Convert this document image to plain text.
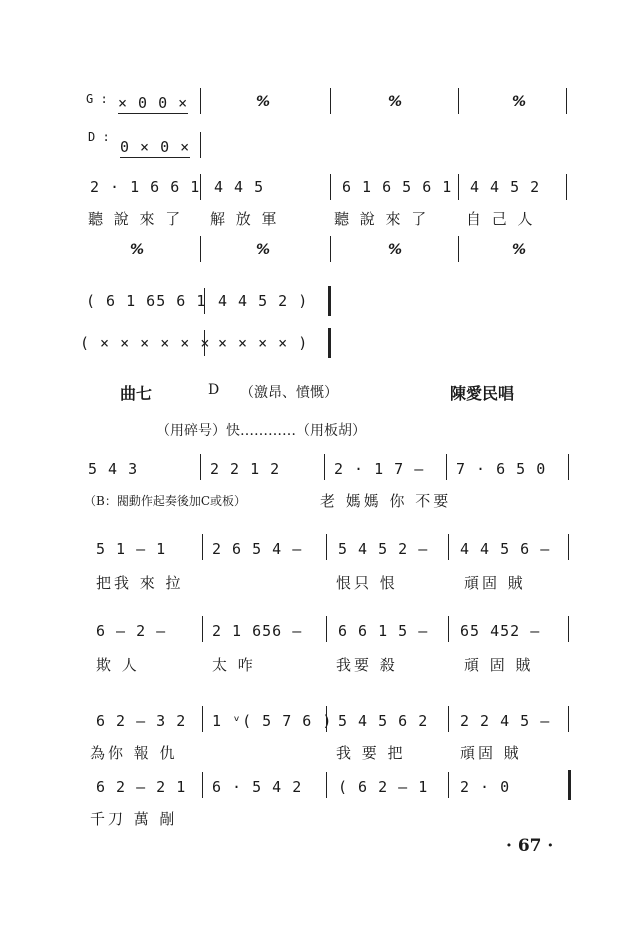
G : × 0 0 ×	%	%	%
D :
0 × 0 ×
2 · 1 6 6 1 4 4 5	6 1 6 5 6 1 4 4 5 2
聽 說 來 了 解 放 軍	聽 說 來 了 自 己 人
%	%	%	%
( 6 1 65 6 1 4 4 5 2 )
( × × × × × × × × × × )
曲七	D （激昂、憤慨）	陳愛民唱
（用碎号）快…………（用板胡）
5 4 3	2 2 1 2	2 · 1 7 — 7 · 6 5 0
（B：閥動作起奏後加C或板）	老 媽媽 你 不要
5 1 — 1	2 6 5 4 — 5 4 5 2 — 4 4 5 6 —
把我 來 拉	恨只 恨	頑固 賊
6 — 2 —	2 1 656 — 6 6 1 5 — 65 452 —
欺 人	太 咋	我要 殺	頑 固 賊
6 2 — 3 2 1 ᵛ( 5 7 6 ) 5 4 5 6 2 2 2 4 5 —
為你 報 仇	我 要 把	頑固 賊
6 2 — 2 1 6 · 5 4 2 ( 6 2 — 1 2 · 0
千刀 萬 剮
· 67 ·
